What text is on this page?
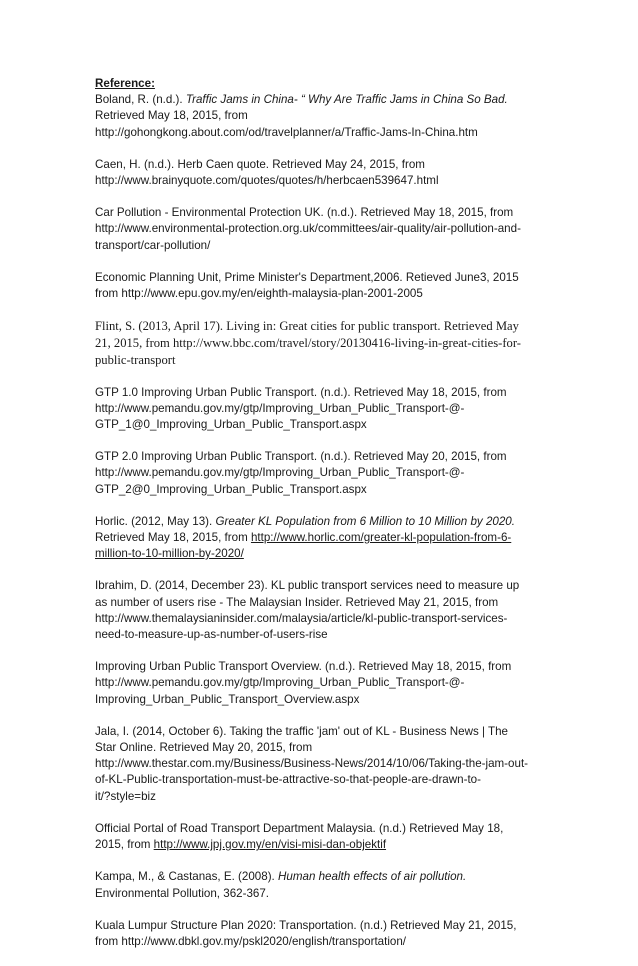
Reference:
Boland, R. (n.d.). Traffic Jams in China- “ Why Are Traffic Jams in China So Bad.
Retrieved May 18, 2015, from
http://gohongkong.about.com/od/travelplanner/a/Traffic-Jams-In-China.htm
Caen, H. (n.d.). Herb Caen quote. Retrieved May 24, 2015, from
http://www.brainyquote.com/quotes/quotes/h/herbcaen539647.html
Car Pollution - Environmental Protection UK. (n.d.). Retrieved May 18, 2015, from
http://www.environmental-protection.org.uk/committees/air-quality/air-pollution-and-
transport/car-pollution/
Economic Planning Unit, Prime Minister's Department,2006. Retieved June3, 2015
from http://www.epu.gov.my/en/eighth-malaysia-plan-2001-2005
Flint, S. (2013, April 17). Living in: Great cities for public transport. Retrieved May
21, 2015, from http://www.bbc.com/travel/story/20130416-living-in-great-cities-for-
public-transport
GTP 1.0 Improving Urban Public Transport. (n.d.). Retrieved May 18, 2015, from
http://www.pemandu.gov.my/gtp/Improving_Urban_Public_Transport-@-
GTP_1@0_Improving_Urban_Public_Transport.aspx
GTP 2.0 Improving Urban Public Transport. (n.d.). Retrieved May 20, 2015, from
http://www.pemandu.gov.my/gtp/Improving_Urban_Public_Transport-@-
GTP_2@0_Improving_Urban_Public_Transport.aspx
Horlic. (2012, May 13). Greater KL Population from 6 Million to 10 Million by 2020.
Retrieved May 18, 2015, from http://www.horlic.com/greater-kl-population-from-6-
million-to-10-million-by-2020/
Ibrahim, D. (2014, December 23). KL public transport services need to measure up
as number of users rise - The Malaysian Insider. Retrieved May 21, 2015, from
http://www.themalaysianinsider.com/malaysia/article/kl-public-transport-services-
need-to-measure-up-as-number-of-users-rise
Improving Urban Public Transport Overview. (n.d.). Retrieved May 18, 2015, from
http://www.pemandu.gov.my/gtp/Improving_Urban_Public_Transport-@-
Improving_Urban_Public_Transport_Overview.aspx
Jala, I. (2014, October 6). Taking the traffic 'jam' out of KL - Business News | The
Star Online. Retrieved May 20, 2015, from
http://www.thestar.com.my/Business/Business-News/2014/10/06/Taking-the-jam-out-
of-KL-Public-transportation-must-be-attractive-so-that-people-are-drawn-to-
it/?style=biz
Official Portal of Road Transport Department Malaysia. (n.d.) Retrieved May 18,
2015, from http://www.jpj.gov.my/en/visi-misi-dan-objektif
Kampa, M., & Castanas, E. (2008). Human health effects of air pollution.
Environmental Pollution, 362-367.
Kuala Lumpur Structure Plan 2020: Transportation. (n.d.) Retrieved May 21, 2015,
from http://www.dbkl.gov.my/pskl2020/english/transportation/
